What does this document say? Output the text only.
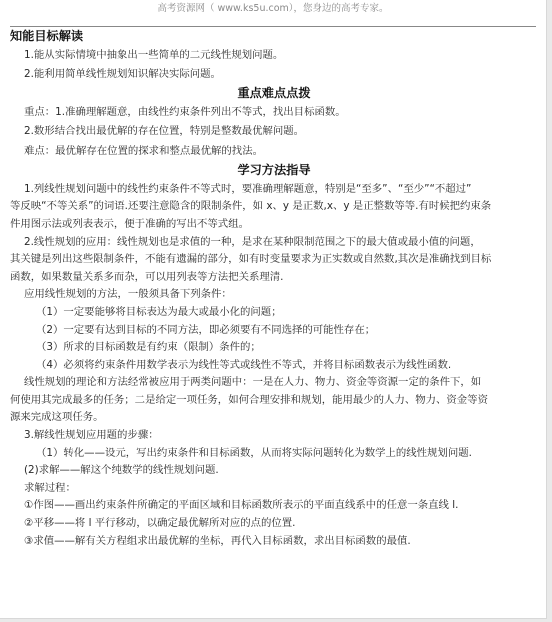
高考资源网（ www.ks5u.com），您身边的高考专家。
知能目标解读
1.能从实际情境中抽象出一些简单的二元线性规划问题。
2.能利用简单线性规划知识解决实际问题。
重点难点点拨
重点：1.准确理解题意，由线性约束条件列出不等式，找出目标函数。
2.数形结合找出最优解的存在位置，特别是整数最优解问题。
难点：最优解存在位置的探求和整点最优解的找法。
学习方法指导
1.列线性规划问题中的线性约束条件不等式时，要准确理解题意，特别是“至多”、“至少”“不超过”
等反映“不等关系”的词语.还要注意隐含的限制条件，如 x、y 是正数,x、y 是正整数等等.有时候把约束条
件用图示法或列表表示，便于准确的写出不等式组。
2.线性规划的应用：线性规划也是求值的一种，是求在某种限制范围之下的最大值或最小值的问题，
其关键是列出这些限制条件，不能有遗漏的部分，如有时变量要求为正实数或自然数,其次是准确找到目标
函数，如果数量关系多而杂，可以用列表等方法把关系理清.
应用线性规划的方法，一般须具备下列条件：
（1）一定要能够将目标表达为最大或最小化的问题；
（2）一定要有达到目标的不同方法，即必须要有不同选择的可能性存在；
（3）所求的目标函数是有约束（限制）条件的；
（4）必须将约束条件用数学表示为线性等式或线性不等式，并将目标函数表示为线性函数.
线性规划的理论和方法经常被应用于两类问题中：一是在人力、物力、资金等资源一定的条件下，如
何使用其完成最多的任务；二是给定一项任务，如何合理安排和规划，能用最少的人力、物力、资金等资
源来完成这项任务。
3.解线性规划应用题的步骤：
（1）转化——设元，写出约束条件和目标函数，从而将实际问题转化为数学上的线性规划问题.
(2)求解——解这个纯数学的线性规划问题.
求解过程：
①作图——画出约束条件所确定的平面区域和目标函数所表示的平面直线系中的任意一条直线 l.
②平移——将 l 平行移动，以确定最优解所对应的点的位置.
③求值——解有关方程组求出最优解的坐标，再代入目标函数，求出目标函数的最值.
